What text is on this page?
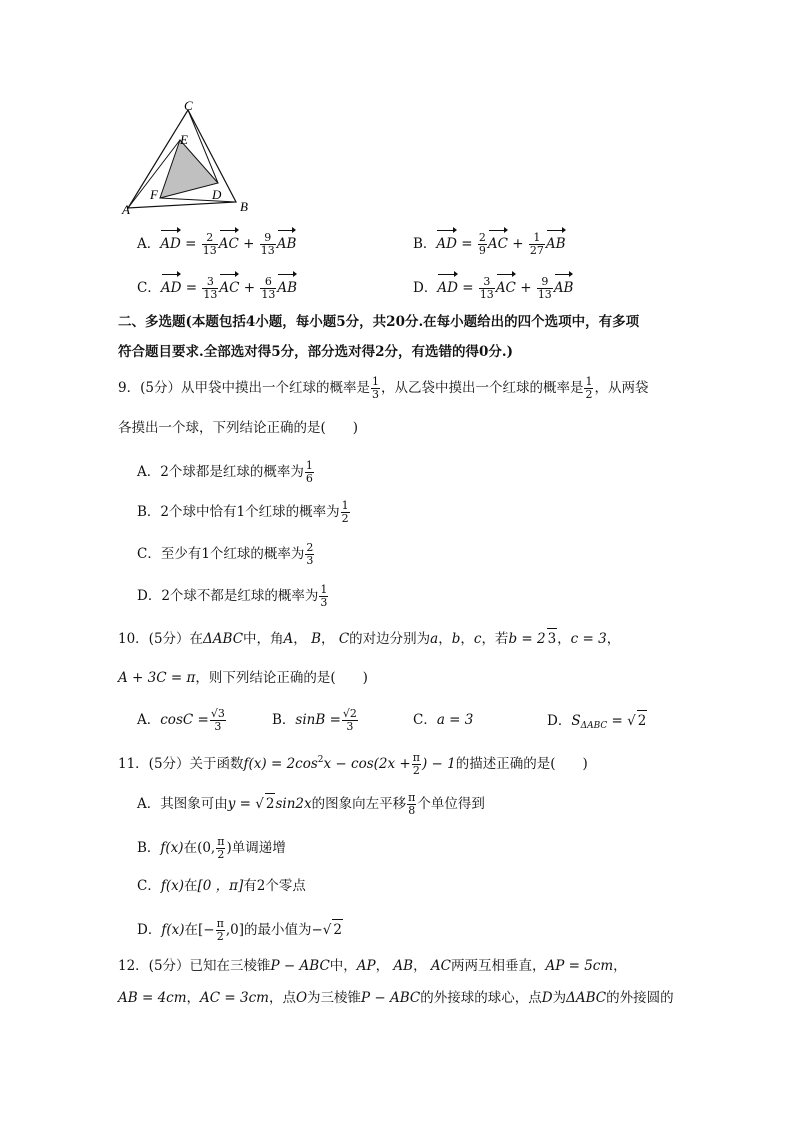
C
E
F	D
A	B
A．AD = $\frac{2}{13}$ AC + $\frac{9}{13}$ AB	B．AD = $\frac{2}{9}$ AC + $\frac{1}{27}$ AB
C．AD = $\frac{3}{13}$ AC + $\frac{6}{13}$ AB	D．AD = $\frac{3}{13}$ AC + $\frac{9}{13}$ AB
二、多选题(本题包括4小题，每小题5分，共20分.在每小题给出的四个选项中，有多项
符合题目要求.全部选对得5分，部分选对得2分，有选错的得0分.)
9．(5分）从甲袋中摸出一个红球的概率是 $\frac{1}{3}$ ，从乙袋中摸出一个红球的概率是 $\frac{1}{2}$ ，从两袋
各摸出一个球，下列结论正确的是(　　)
A．2个球都是红球的概率为 $\frac{1}{6}$
B．2个球中恰有1个红球的概率为 $\frac{1}{2}$
C．至少有1个红球的概率为 $\frac{2}{3}$
D．2个球不都是红球的概率为 $\frac{1}{3}$
10．(5分）在ΔABC中，角A， B， C的对边分别为a，b，c，若b = 2 3，c = 3，
A + 3C = π，则下列结论正确的是(　　)
A．$\cos C = \frac{√3}{3}$	B．$\sin B = \frac{√2}{3}$	C．a = 3	D．$S_{\Delta ABC}$ = √ 2
11．(5分）关于函数$f(x) = 2\cos^2x - \cos(2x + \frac{\pi}{2}$ ) − 1的描述正确的是(　　)
A．其图象可由y = √ 2sin2x的图象向左平移 $\frac{\pi}{8}$ 个单位得到
B．f(x)在(0, $\frac{\pi}{2}$ )单调递增
C．f(x)在[0 ，π]有2个零点
D．f(x)在[− $\frac{\pi}{2} ,0$]的最小值为−√ 2
12．(5分）已知在三棱锥P − ABC中，AP， AB， AC两两互相垂直，AP = 5cm，
AB = 4cm，AC = 3cm，点O为三棱锥P − ABC的外接球的球心，点D为ΔABC的外接圆的
